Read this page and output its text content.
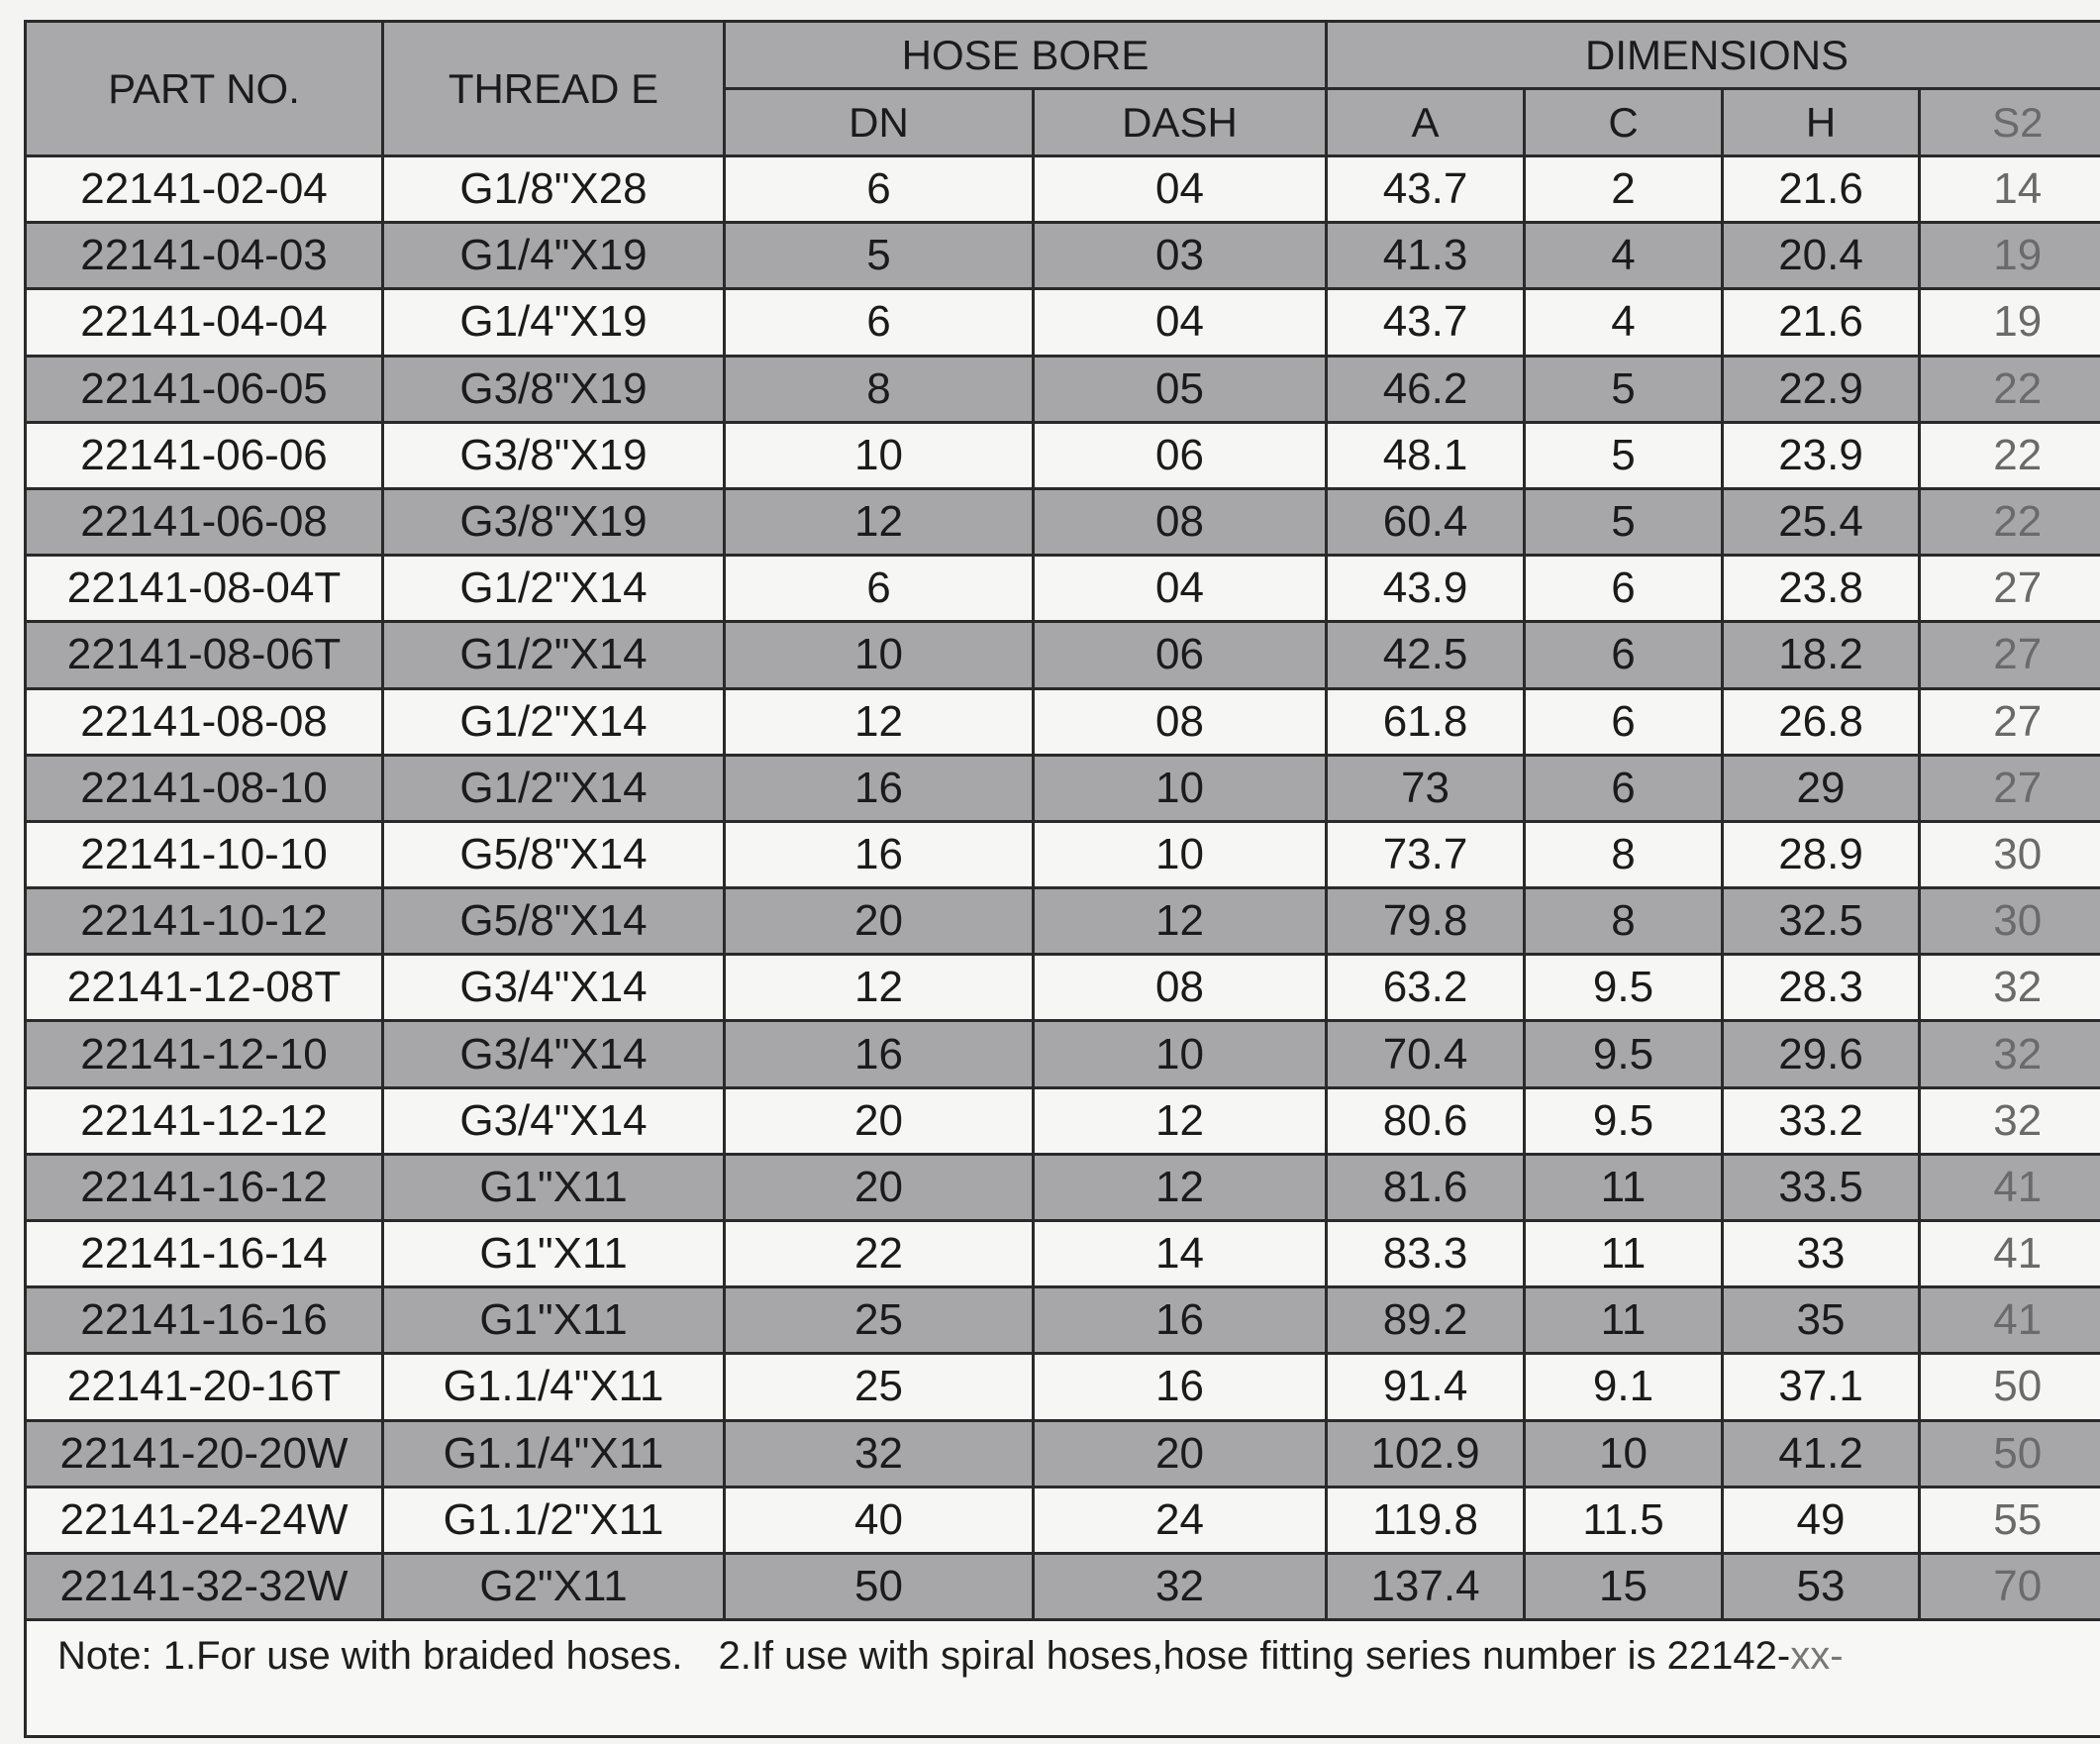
PART NO.	THREAD E	HOSE BORE		DIMENSIONS			
		DN	DASH	A	C	H	S2
22141-02-04	G1/8"X28	6	04	43.7	2	21.6	14
22141-04-03	G1/4"X19	5	03	41.3	4	20.4	19
22141-04-04	G1/4"X19	6	04	43.7	4	21.6	19
22141-06-05	G3/8"X19	8	05	46.2	5	22.9	22
22141-06-06	G3/8"X19	10	06	48.1	5	23.9	22
22141-06-08	G3/8"X19	12	08	60.4	5	25.4	22
22141-08-04T	G1/2"X14	6	04	43.9	6	23.8	27
22141-08-06T	G1/2"X14	10	06	42.5	6	18.2	27
22141-08-08	G1/2"X14	12	08	61.8	6	26.8	27
22141-08-10	G1/2"X14	16	10	73	6	29	27
22141-10-10	G5/8"X14	16	10	73.7	8	28.9	30
22141-10-12	G5/8"X14	20	12	79.8	8	32.5	30
22141-12-08T	G3/4"X14	12	08	63.2	9.5	28.3	32
22141-12-10	G3/4"X14	16	10	70.4	9.5	29.6	32
22141-12-12	G3/4"X14	20	12	80.6	9.5	33.2	32
22141-16-12	G1"X11	20	12	81.6	11	33.5	41
22141-16-14	G1"X11	22	14	83.3	11	33	41
22141-16-16	G1"X11	25	16	89.2	11	35	41
22141-20-16T	G1.1/4"X11	25	16	91.4	9.1	37.1	50
22141-20-20W	G1.1/4"X11	32	20	102.9	10	41.2	50
22141-24-24W	G1.1/2"X11	40	24	119.8	11.5	49	55
22141-32-32W	G2"X11	50	32	137.4	15	53	70
Note: 1.For use with braided hoses. 2.If use with spiral hoses,hose fitting series number is 22142-xx-
